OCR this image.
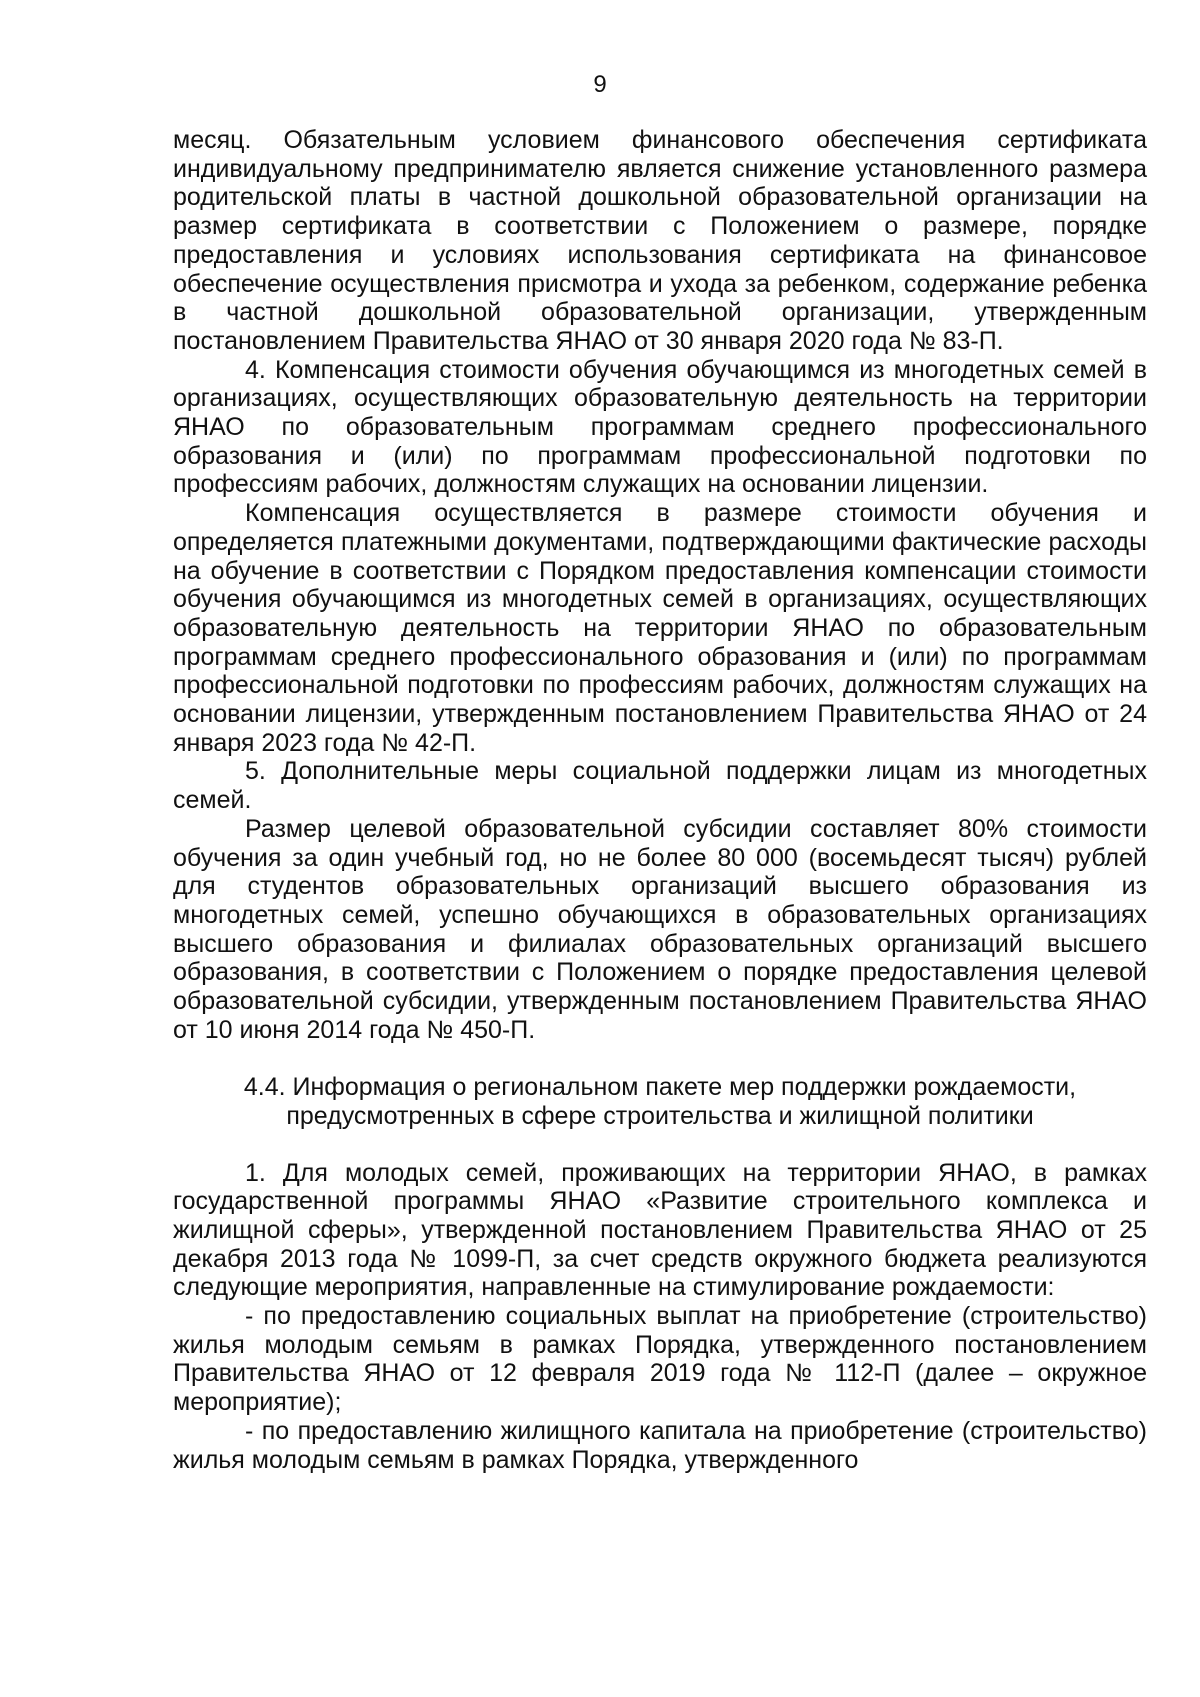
9

месяц. Обязательным условием финансового обеспечения сертификата индивидуальному предпринимателю является снижение установленного размера родительской платы в частной дошкольной образовательной организации на размер сертификата в соответствии с Положением о размере, порядке предоставления и условиях использования сертификата на финансовое обеспечение осуществления присмотра и ухода за ребенком, содержание ребенка в частной дошкольной образовательной организации, утвержденным постановлением Правительства ЯНАО от 30 января 2020 года № 83-П.

4. Компенсация стоимости обучения обучающимся из многодетных семей в организациях, осуществляющих образовательную деятельность на территории ЯНАО по образовательным программам среднего профессионального образования и (или) по программам профессиональной подготовки по профессиям рабочих, должностям служащих на основании лицензии.

Компенсация осуществляется в размере стоимости обучения и определяется платежными документами, подтверждающими фактические расходы на обучение в соответствии с Порядком предоставления компенсации стоимости обучения обучающимся из многодетных семей в организациях, осуществляющих образовательную деятельность на территории ЯНАО по образовательным программам среднего профессионального образования и (или) по программам профессиональной подготовки по профессиям рабочих, должностям служащих на основании лицензии, утвержденным постановлением Правительства ЯНАО от 24 января 2023 года № 42-П.

5. Дополнительные меры социальной поддержки лицам из многодетных семей.

Размер целевой образовательной субсидии составляет 80% стоимости обучения за один учебный год, но не более 80 000 (восемьдесят тысяч) рублей для студентов образовательных организаций высшего образования из многодетных семей, успешно обучающихся в образовательных организациях высшего образования и филиалах образовательных организаций высшего образования, в соответствии с Положением о порядке предоставления целевой образовательной субсидии, утвержденным постановлением Правительства ЯНАО от 10 июня 2014 года № 450-П.

4.4. Информация о региональном пакете мер поддержки рождаемости,
предусмотренных в сфере строительства и жилищной политики

1. Для молодых семей, проживающих на территории ЯНАО, в рамках государственной программы ЯНАО «Развитие строительного комплекса и жилищной сферы», утвержденной постановлением Правительства ЯНАО от 25 декабря 2013 года № 1099-П, за счет средств окружного бюджета реализуются следующие мероприятия, направленные на стимулирование рождаемости:

- по предоставлению социальных выплат на приобретение (строительство) жилья молодым семьям в рамках Порядка, утвержденного постановлением Правительства ЯНАО от 12 февраля 2019 года № 112-П (далее – окружное мероприятие);

- по предоставлению жилищного капитала на приобретение (строительство) жилья молодым семьям в рамках Порядка, утвержденного
